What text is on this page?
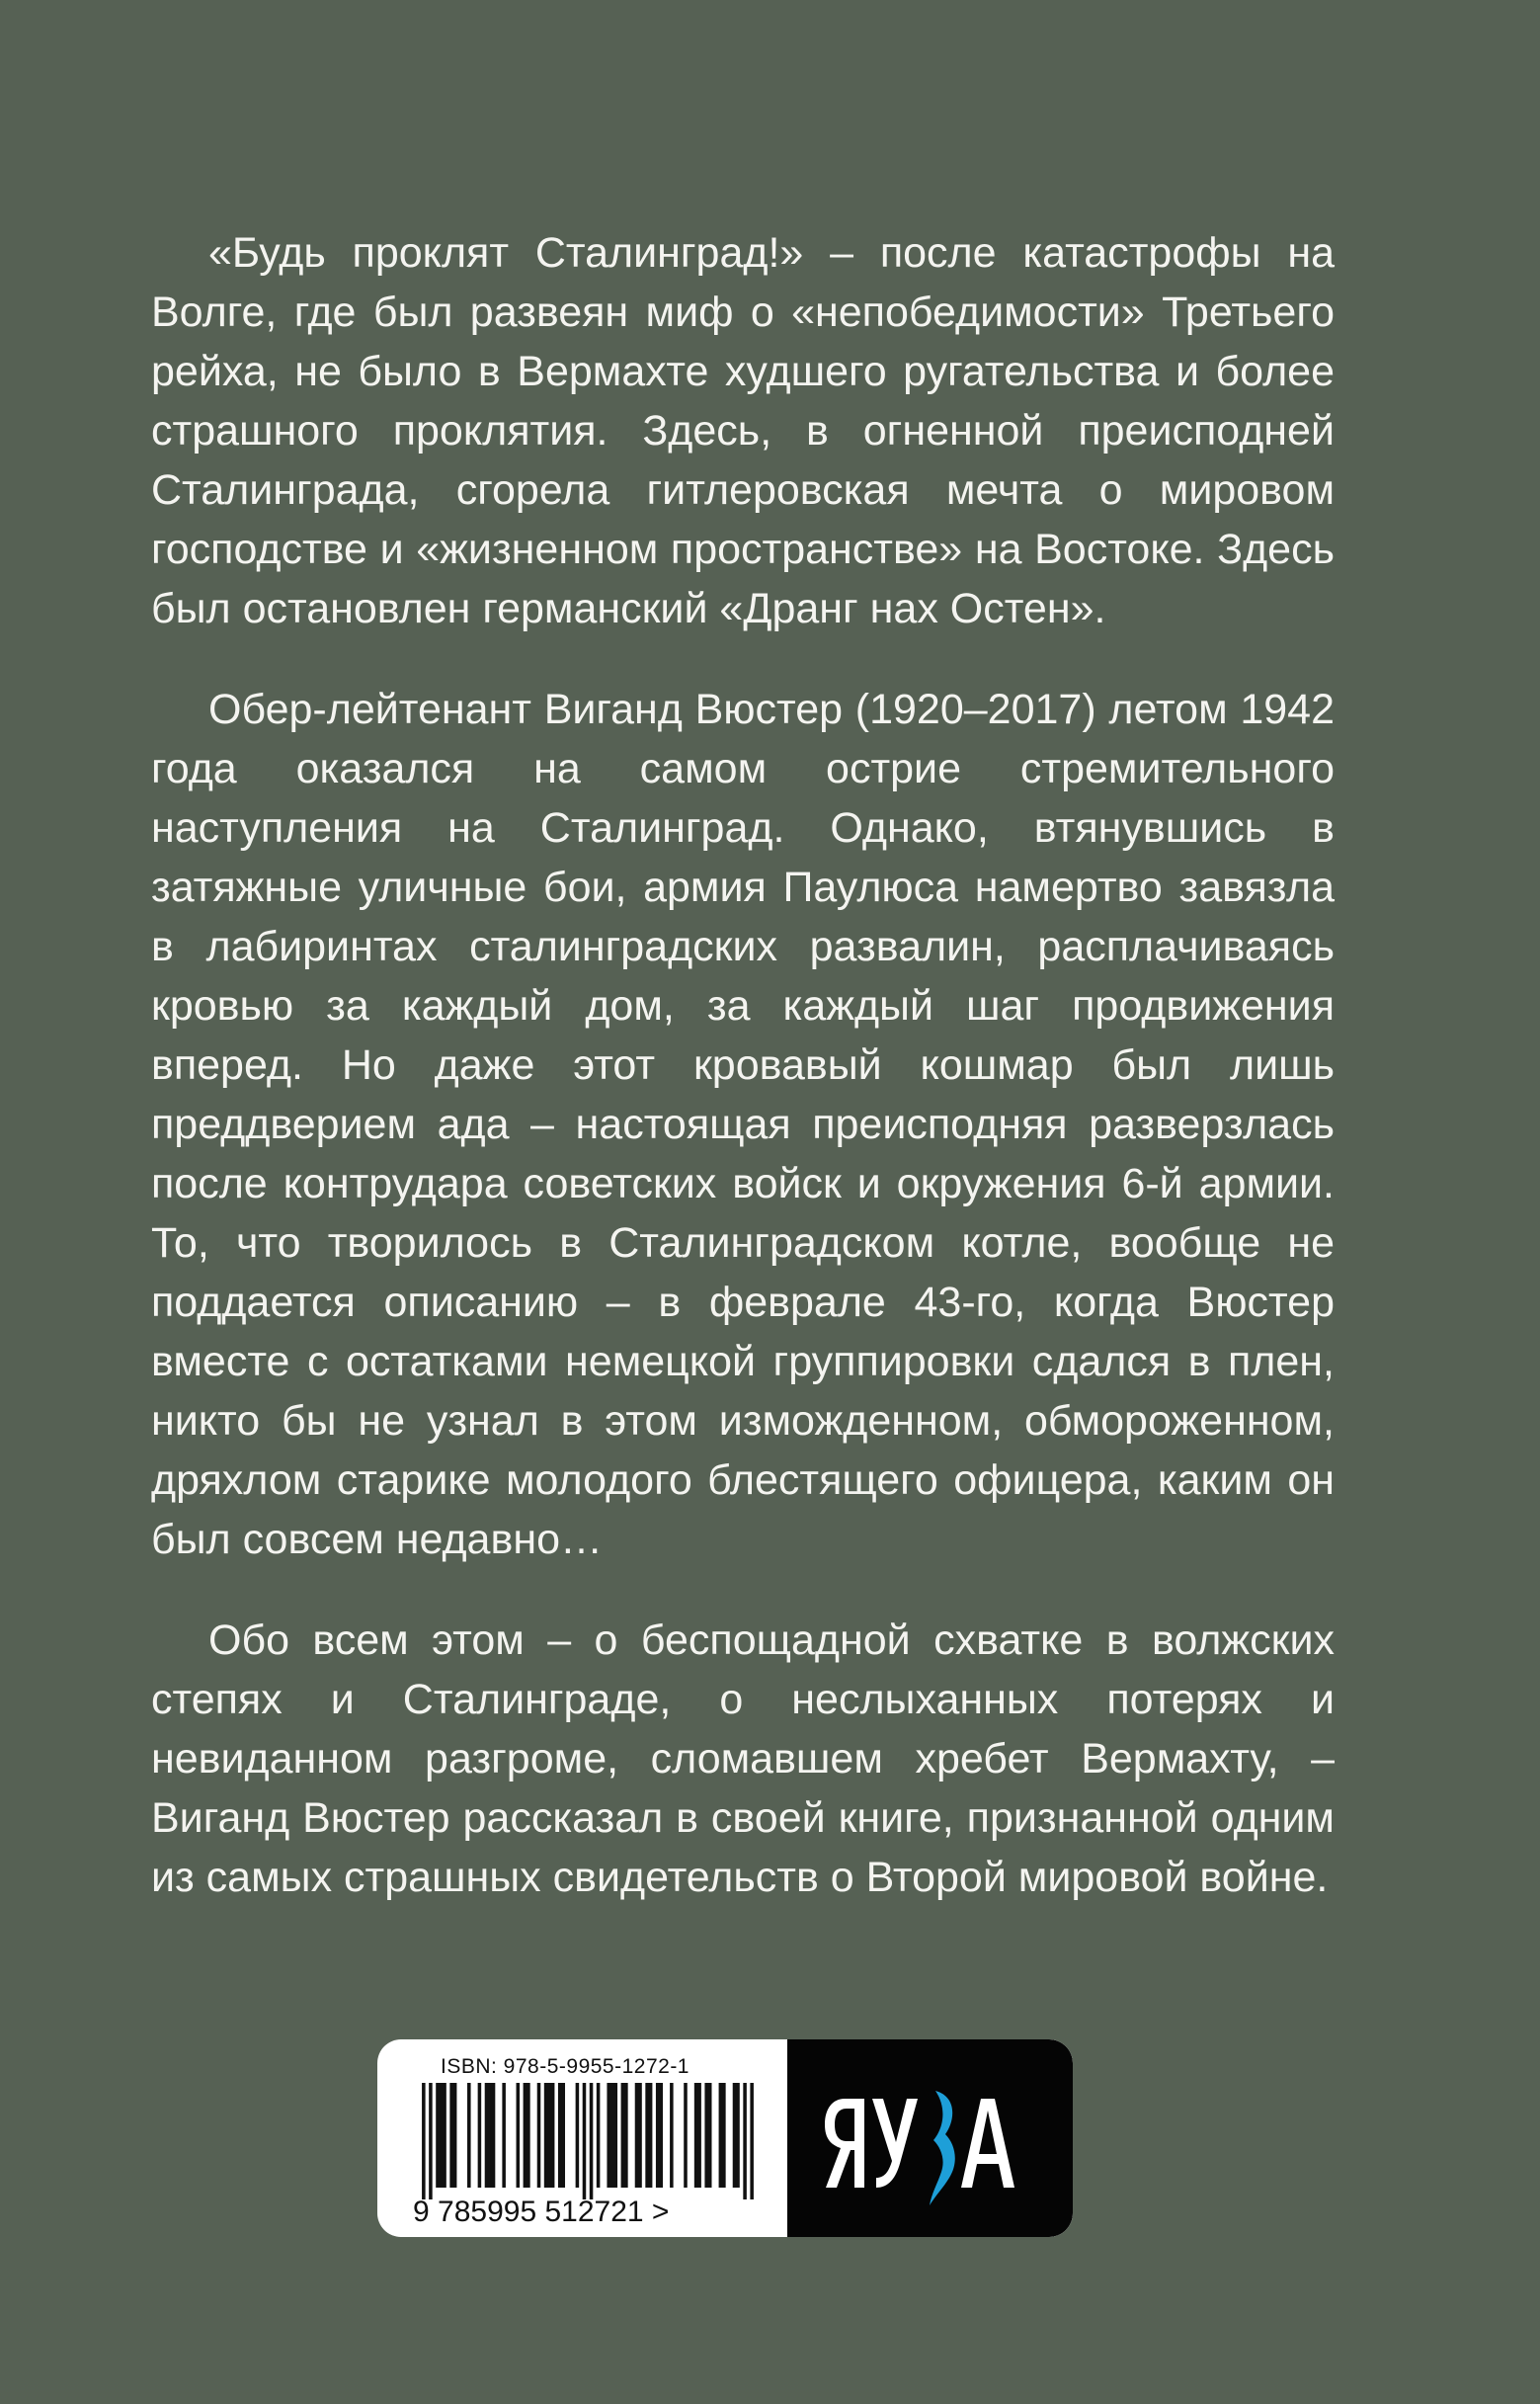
«Будь проклят Сталинград!» – после катастрофы на Волге, где был развеян миф о «непобедимости» Третьего рейха, не было в Вермахте худшего ругательства и более страшного проклятия. Здесь, в огненной преисподней Сталинграда, сгорела гитлеровская мечта о мировом господстве и «жизненном пространстве» на Востоке. Здесь был остановлен германский «Дранг нах Остен».

Обер-лейтенант Виганд Вюстер (1920–2017) летом 1942 года оказался на самом острие стремительного наступления на Сталинград. Однако, втянувшись в затяжные уличные бои, армия Паулюса намертво завязла в лабиринтах сталинградских развалин, расплачиваясь кровью за каждый дом, за каждый шаг продвижения вперед. Но даже этот кровавый кошмар был лишь преддверием ада – настоящая преисподняя разверзлась после контрудара советских войск и окружения 6-й армии. То, что творилось в Сталинградском котле, вообще не поддается описанию – в феврале 43-го, когда Вюстер вместе с остатками немецкой группировки сдался в плен, никто бы не узнал в этом изможденном, обмороженном, дряхлом старике молодого блестящего офицера, каким он был совсем недавно…

Обо всем этом – о беспощадной схватке в волжских степях и Сталинграде, о неслыханных потерях и невиданном разгроме, сломавшем хребет Вермахту, – Виганд Вюстер рассказал в своей книге, признанной одним из самых страшных свидетельств о Второй мировой войне.

ISBN: 978-5-9955-1272-1
9 785995 512721 >
